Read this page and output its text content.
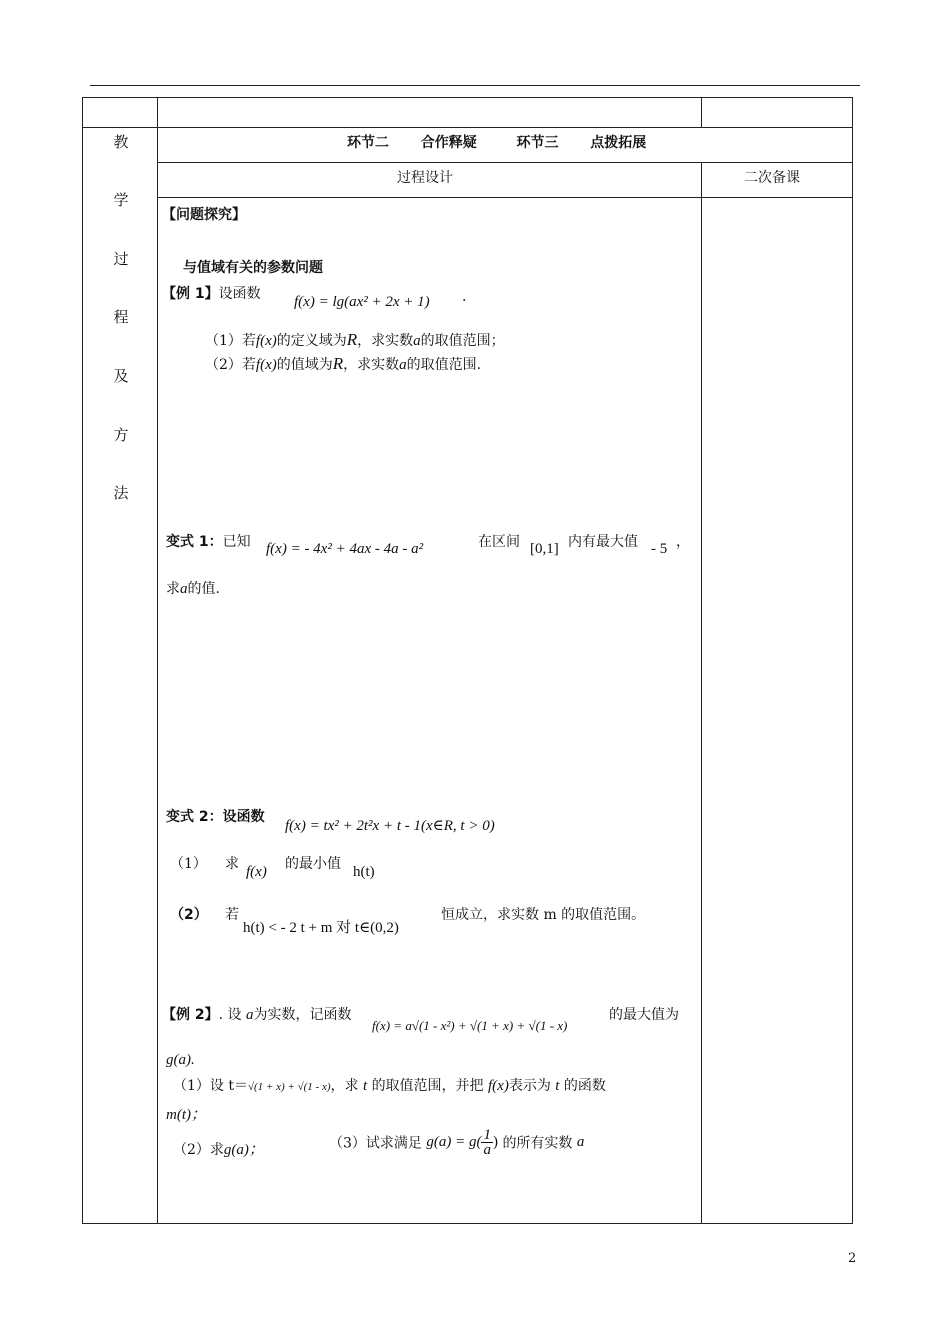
教
学
过
程
及
方
法
环节二 合作释疑	环节三 点拨拓展
过程设计	二次备课
【问题探究】
与值域有关的参数问题
【例 1】设函数 f(x) = lg(ax² + 2x + 1) .
（1）若f(x)的定义域为R，求实数a的取值范围；
（2）若f(x)的值域为R，求实数a的取值范围.
变式 1：已知 f(x) = - 4x² + 4ax - 4a - a²	在区间 [0,1] 内有最大值 - 5 ，
求a的值.
变式 2：设函数
f(x) = tx² + 2t²x + t - 1(x∈R, t > 0)
（1） 求 f(x) 的最小值 h(t)
（2） 若
h(t) < - 2 t + m 对 t∈(0,2)
恒成立，求实数 m 的取值范围。
【例 2】. 设 a为实数，记函数
f(x) = a√(1 - x²) + √(1 + x) + √(1 - x)
的最大值为
g(a).
（1）设 t＝√(1 + x) + √(1 - x)，求 t 的取值范围，并把 f(x)表示为 t 的函数
m(t)；
（2）求g(a)；	（3）试求满足 $g(a) = g( \frac{1}{a}$ ) 的所有实数 a
2
